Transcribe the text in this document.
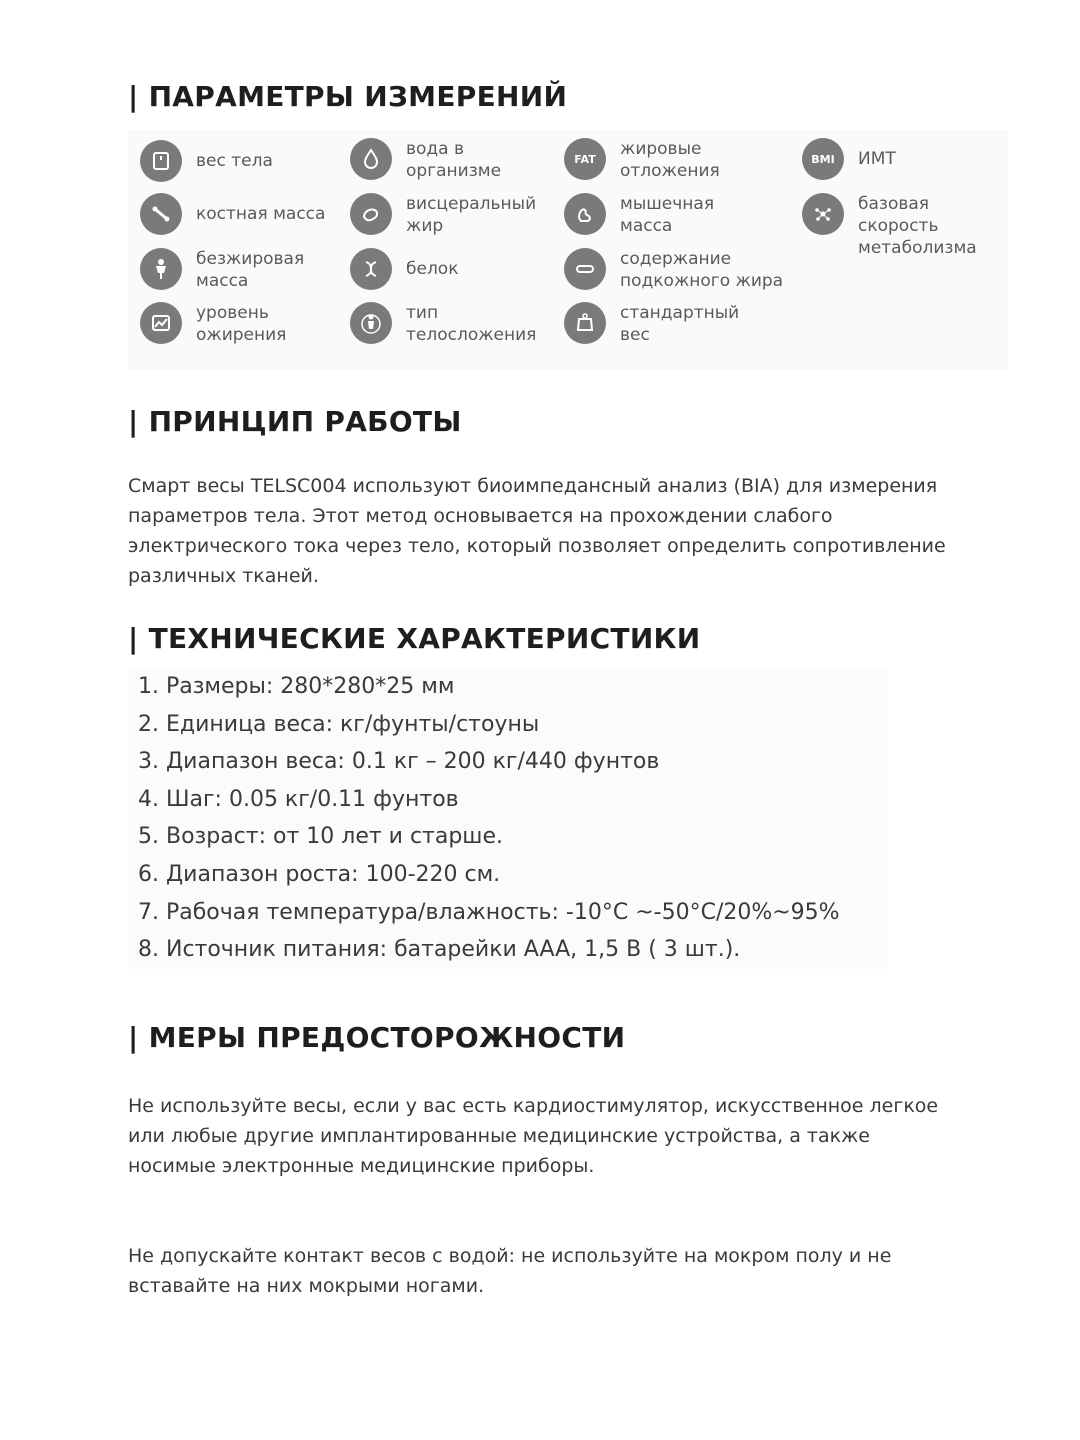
| ПАРАМЕТРЫ ИЗМЕРЕНИЙ
вес тела
костная масса
безжировая
масса
уровень
ожирения
вода в
организме
висцеральный
жир
белок
тип
телосложения
FAT	жировые
отложения
мышечная
масса
содержание
подкожного жира
стандартный
вес
BMI	ИМТ
базовая
скорость
метаболизма
| ПРИНЦИП РАБОТЫ

Смарт весы TELSC004 используют биоимпедансный анализ (BIA) для измерения параметров тела. Этот метод основывается на прохождении слабого электрического тока через тело, который позволяет определить сопротивление различных тканей.

| ТЕХНИЧЕСКИЕ ХАРАКТЕРИСТИКИ
1. Размеры: 280*280*25 мм
2. Единица веса: кг/фунты/стоуны
3. Диапазон веса: 0.1 кг – 200 кг/440 фунтов
4. Шаг: 0.05 кг/0.11 фунтов
5. Возраст: от 10 лет и старше.
6. Диапазон роста: 100-220 см.
7. Рабочая температура/влажность: -10°C ~-50°C/20%~95%
8. Источник питания: батарейки AAA, 1,5 В ( 3 шт.).
| МЕРЫ ПРЕДОСТОРОЖНОСТИ

Не используйте весы, если у вас есть кардиостимулятор, искусственное легкое или любые другие имплантированные медицинские устройства, а также носимые электронные медицинские приборы.

Не допускайте контакт весов с водой: не используйте на мокром полу и не вставайте на них мокрыми ногами.
